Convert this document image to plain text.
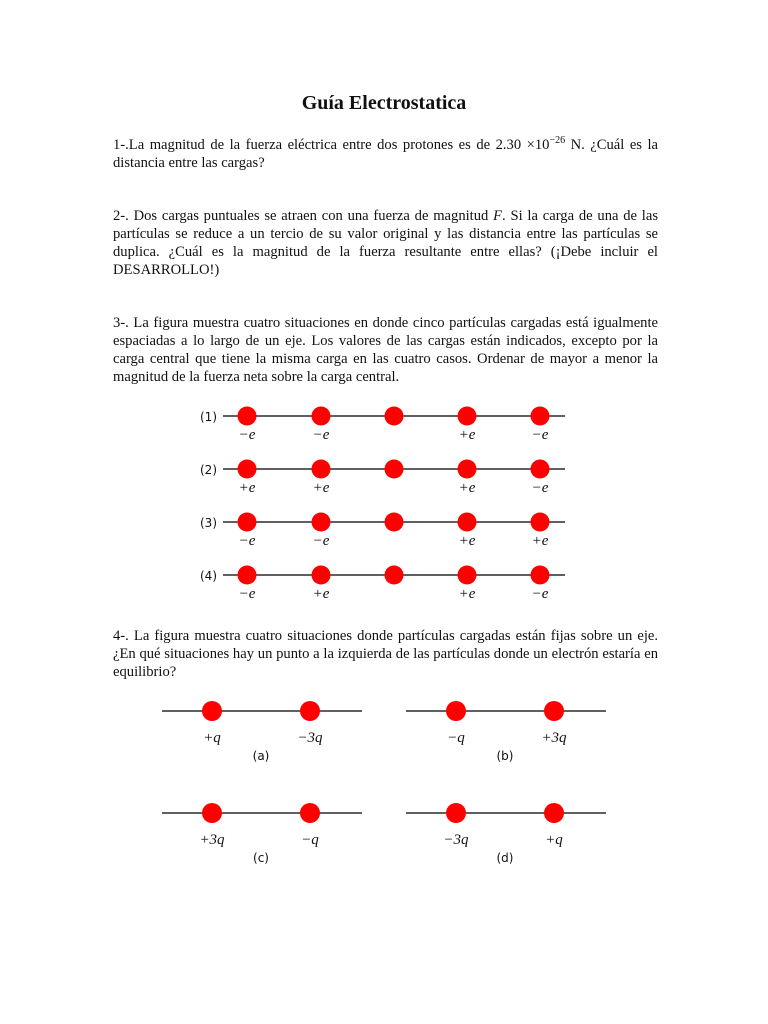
Guía Electrostatica
1-.La magnitud de la fuerza eléctrica entre dos protones es de $2.30 \times 10^{-26}$ N. ¿Cuál es la distancia entre las cargas?
2-. Dos cargas puntuales se atraen con una fuerza de magnitud F. Si la carga de una de las partículas se reduce a un tercio de su valor original y las distancia entre las partículas se duplica. ¿Cuál es la magnitud de la fuerza resultante entre ellas? (¡Debe incluir el DESARROLLO!)
3-. La figura muestra cuatro situaciones en donde cinco partículas cargadas está igualmente espaciadas a lo largo de un eje. Los valores de las cargas están indicados, excepto por la carga central que tiene la misma carga en las cuatro casos. Ordenar de mayor a menor la magnitud de la fuerza neta sobre la carga central.
(1)
−e	−e	+e	−e
(2)
+e	+e	+e	−e
(3)
−e	−e	+e	+e
(4)
−e	+e	+e	−e
4-. La figura muestra cuatro situaciones donde partículas cargadas están fijas sobre un eje. ¿En qué situaciones hay un punto a la izquierda de las partículas donde un electrón estaría en equilibrio?
+q	−3q
(a)
−q	+3q
(b)
+3q	−q
(c)
−3q	+q
(d)
